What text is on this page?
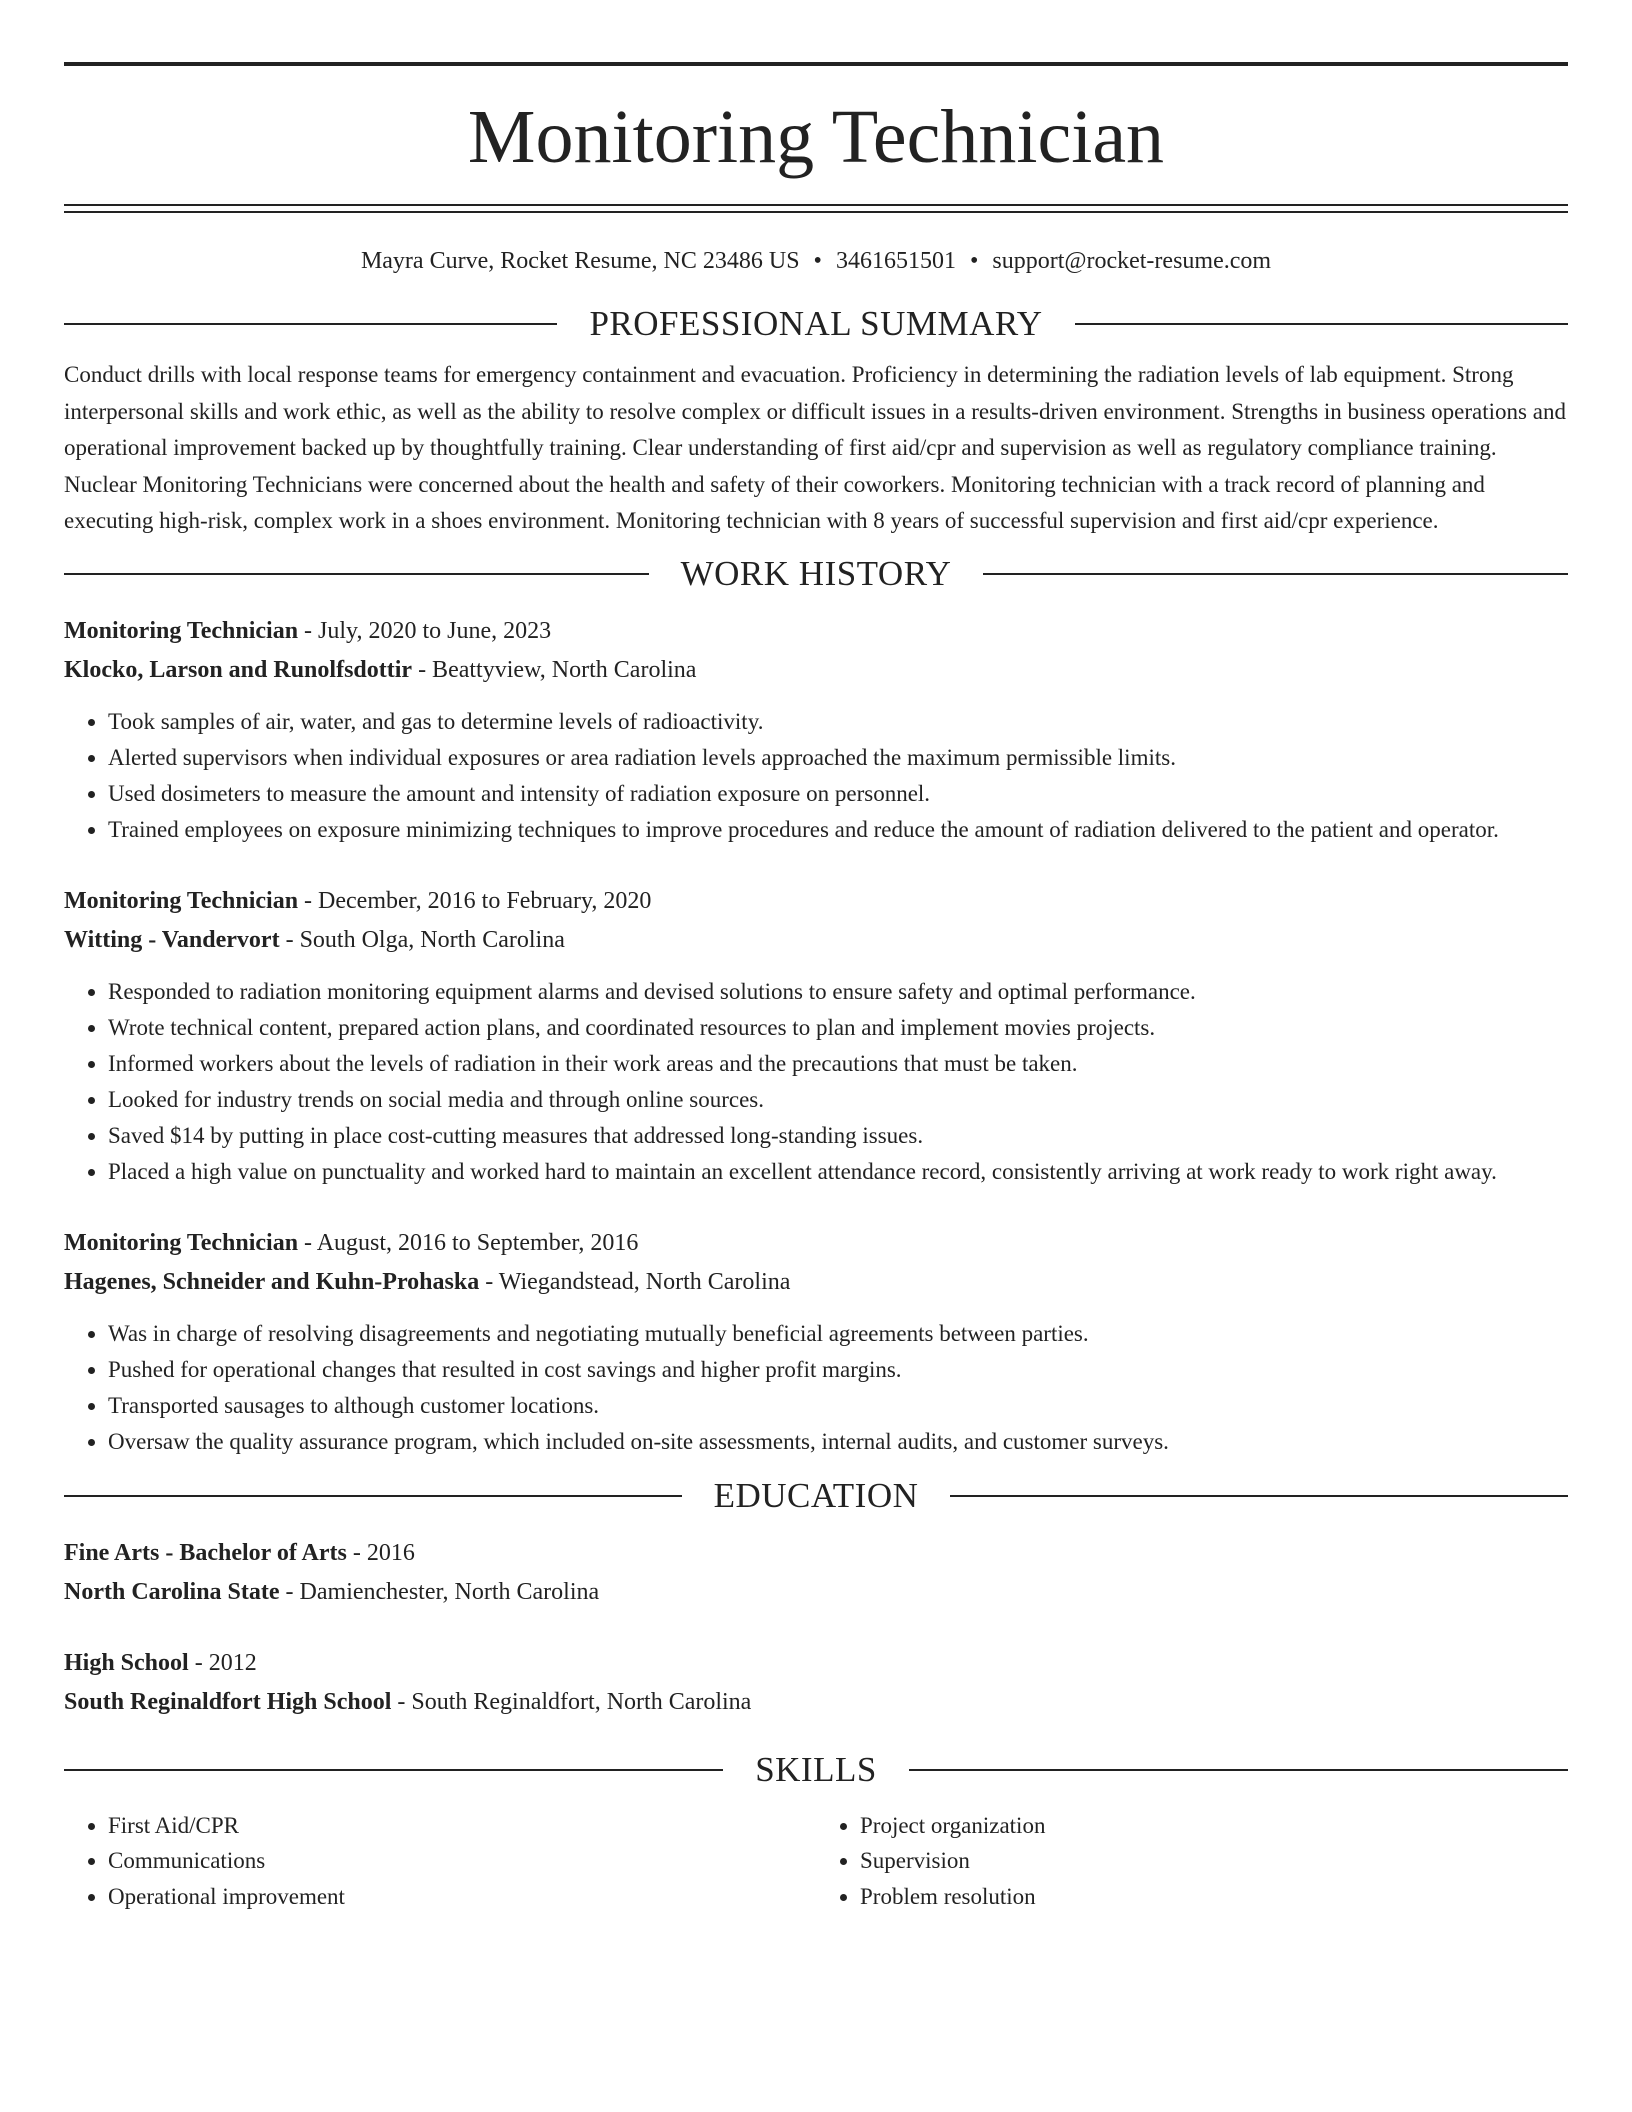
Monitoring Technician
Mayra Curve, Rocket Resume, NC 23486 US • 3461651501 • support@rocket-resume.com
PROFESSIONAL SUMMARY

Conduct drills with local response teams for emergency containment and evacuation. Proficiency in determining the radiation levels of lab equipment. Strong interpersonal skills and work ethic, as well as the ability to resolve complex or difficult issues in a results-driven environment. Strengths in business operations and operational improvement backed up by thoughtfully training. Clear understanding of first aid/cpr and supervision as well as regulatory compliance training. Nuclear Monitoring Technicians were concerned about the health and safety of their coworkers. Monitoring technician with a track record of planning and executing high-risk, complex work in a shoes environment. Monitoring technician with 8 years of successful supervision and first aid/cpr experience.

WORK HISTORY
Monitoring Technician - July, 2020 to June, 2023
Klocko, Larson and Runolfsdottir - Beattyview, North Carolina
• Took samples of air, water, and gas to determine levels of radioactivity.
• Alerted supervisors when individual exposures or area radiation levels approached the maximum permissible limits.
• Used dosimeters to measure the amount and intensity of radiation exposure on personnel.
• Trained employees on exposure minimizing techniques to improve procedures and reduce the amount of radiation delivered to the patient and operator.
Monitoring Technician - December, 2016 to February, 2020
Witting - Vandervort - South Olga, North Carolina
• Responded to radiation monitoring equipment alarms and devised solutions to ensure safety and optimal performance.
• Wrote technical content, prepared action plans, and coordinated resources to plan and implement movies projects.
• Informed workers about the levels of radiation in their work areas and the precautions that must be taken.
• Looked for industry trends on social media and through online sources.
• Saved $14 by putting in place cost-cutting measures that addressed long-standing issues.
• Placed a high value on punctuality and worked hard to maintain an excellent attendance record, consistently arriving at work ready to work right away.
Monitoring Technician - August, 2016 to September, 2016
Hagenes, Schneider and Kuhn-Prohaska - Wiegandstead, North Carolina
• Was in charge of resolving disagreements and negotiating mutually beneficial agreements between parties.
• Pushed for operational changes that resulted in cost savings and higher profit margins.
• Transported sausages to although customer locations.
• Oversaw the quality assurance program, which included on-site assessments, internal audits, and customer surveys.
EDUCATION
Fine Arts - Bachelor of Arts - 2016
North Carolina State - Damienchester, North Carolina
High School - 2012
South Reginaldfort High School - South Reginaldfort, North Carolina
SKILLS
• First Aid/CPR
• Communications
• Operational improvement
• Project organization
• Supervision
• Problem resolution
